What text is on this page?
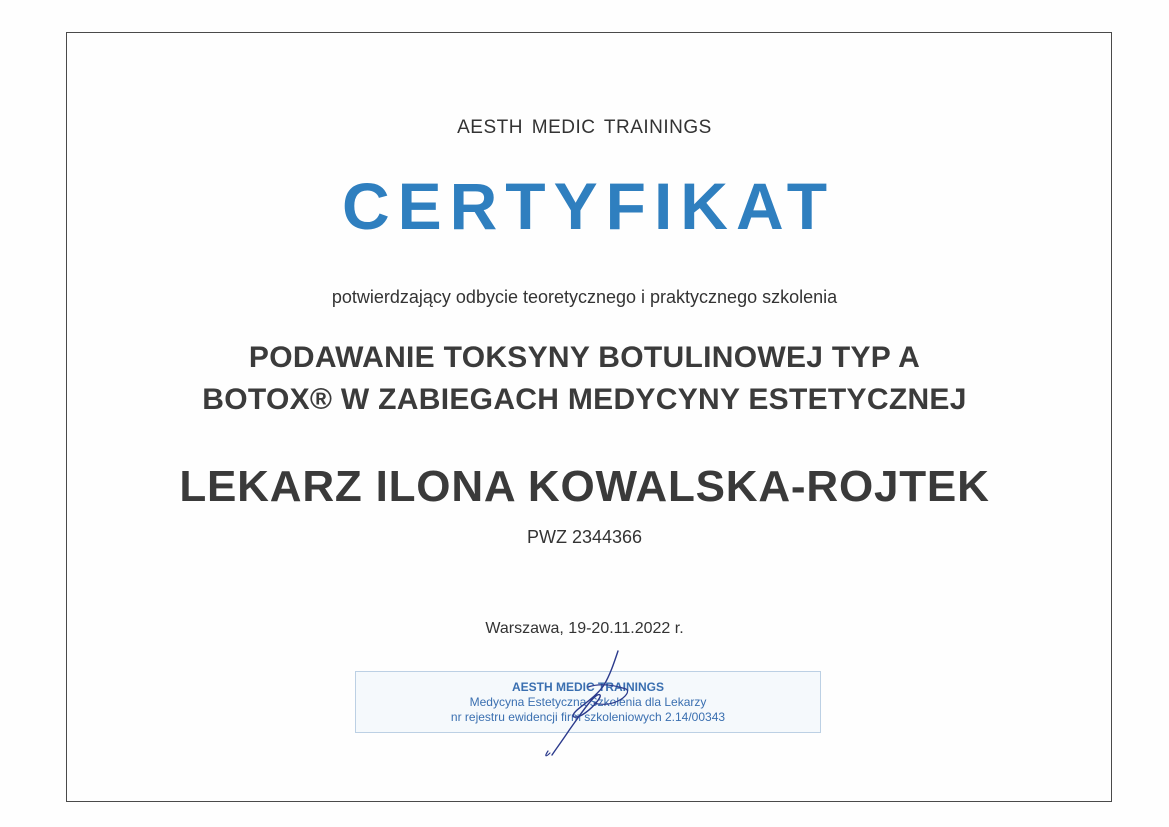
AESTH MEDIC TRAININGS
CERTYFIKAT
potwierdzający odbycie teoretycznego i praktycznego szkolenia
PODAWANIE TOKSYNY BOTULINOWEJ TYP A
BOTOX® W ZABIEGACH MEDYCYNY ESTETYCZNEJ
LEKARZ ILONA KOWALSKA-ROJTEK
PWZ 2344366
Warszawa, 19-20.11.2022 r.
AESTH MEDIC TRAININGS
Medycyna Estetyczna Szkolenia dla Lekarzy
nr rejestru ewidencji firm szkoleniowych 2.14/00343
